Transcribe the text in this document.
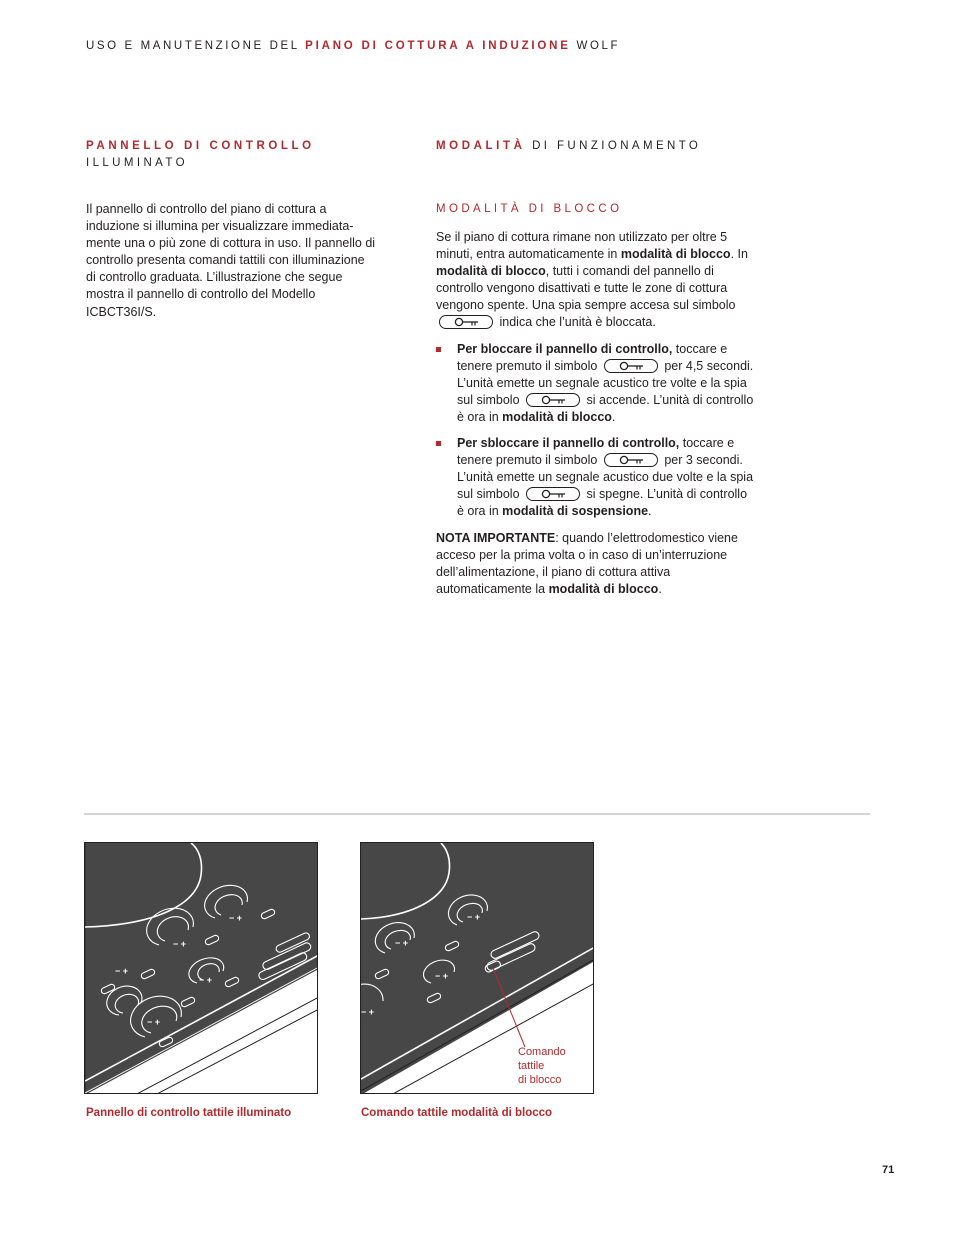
USO E MANUTENZIONE DEL PIANO DI COTTURA A INDUZIONE WOLF
PANNELLO DI CONTROLLO
ILLUMINATO
Il pannello di controllo del piano di cottura a
induzione si illumina per visualizzare immediata-
mente una o più zone di cottura in uso. Il pannello di
controllo presenta comandi tattili con illuminazione
di controllo graduata. L’illustrazione che segue
mostra il pannello di controllo del Modello
ICBCT36I/S.
MODALITÀ DI FUNZIONAMENTO
MODALITÀ DI BLOCCO

Se il piano di cottura rimane non utilizzato per oltre 5 minuti, entra automaticamente in modalità di blocco. In modalità di blocco, tutti i comandi del pannello di controllo vengono disattivati e tutte le zone di cottura vengono spente. Una spia sempre accesa sul simbolo
indica che l’unità è bloccata.

Per bloccare il pannello di controllo, toccare e tenere premuto il simbolo	per 4,5 secondi. L’unità emette un segnale acustico tre volte e la spia sul simbolo	si accende. L’unità di controllo è ora in modalità di blocco.
Per sbloccare il pannello di controllo, toccare e tenere premuto il simbolo	per 3 secondi. L’unità emette un segnale acustico due volte e la spia sul simbolo	si spegne. L’unità di controllo è ora in modalità di sospensione.

NOTA IMPORTANTE: quando l’elettrodomestico viene acceso per la prima volta o in caso di un’interruzione dell’alimentazione, il piano di cottura attiva automaticamente la modalità di blocco.

− +
− +
− +
− +
− +
Pannello di controllo tattile illuminato
− +
− +
− +
− +
Comando
tattile
di blocco
Comando tattile modalità di blocco
71
